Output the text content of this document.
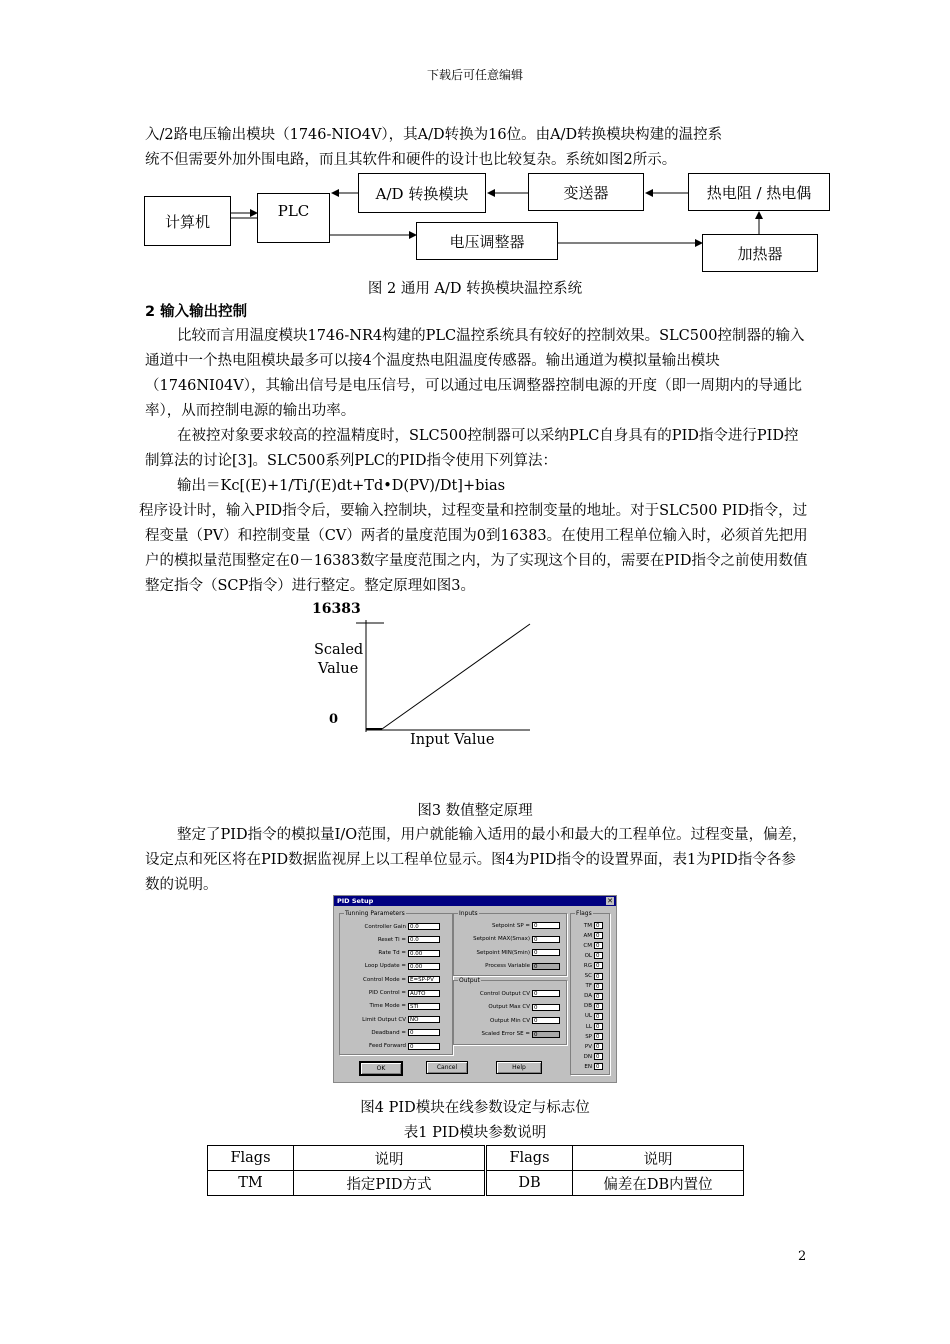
下载后可任意编辑

入/2路电压输出模块（1746-NIO4V），其A/D转换为16位。由A/D转换模块构建的温控系

统不但需要外加外围电路，而且其软件和硬件的设计也比较复杂。系统如图2所示。

计算机
PLC
A/D 转换模块	变送器	热电阻 / 热电偶
电压调整器
加热器
图 2 通用 A/D 转换模块温控系统
2 输入输出控制

比较而言用温度模块1746-NR4构建的PLC温控系统具有较好的控制效果。SLC500控制器的输入通道中一个热电阻模块最多可以接4个温度热电阻温度传感器。输出通道为模拟量输出模块（1746NI04V），其输出信号是电压信号，可以通过电压调整器控制电源的开度（即一周期内的导通比率），从而控制电源的输出功率。

在被控对象要求较高的控温精度时，SLC500控制器可以采纳PLC自身具有的PID指令进行PID控制算法的讨论[3]。SLC500系列PLC的PID指令使用下列算法：

输出＝Kc[(E)+1/Ti∫(E)dt+Td•D(PV)/Dt]+bias

程序设计时，输入PID指令后，要输入控制块，过程变量和控制变量的地址。对于SLC500 PID指令，过程变量（PV）和控制变量（CV）两者的量度范围为0到16383。在使用工程单位输入时，必须首先把用户的模拟量范围整定在0－16383数字量度范围之内，为了实现这个目的，需要在PID指令之前使用数值整定指令（SCP指令）进行整定。整定原理如图3。

16383
Scaled
Value
0
Input Value
图3 数值整定原理

整定了PID指令的模拟量I/O范围，用户就能输入适用的最小和最大的工程单位。过程变量，偏差，设定点和死区将在PID数据监视屏上以工程单位显示。图4为PID指令的设置界面，表1为PID指令各参数的说明。

PID Setup	✕
Tunning Parameters	Inputs
Output
Flags
OK	Cancel	Help
Controller Gain 0.0
Reset Ti = 0.0
Rate Td = 0.00
Loop Update = 0.00
Control Mode = E=SP-PV
PID Control = AUTO
Time Mode = STI
Limit Output CV NO
Deadband = 0
Feed Forward 0
Setpoint SP = 0
Setpoint MAX(Smax) 0
Setpoint MIN(Smin) 0
Process Variable 0
Control Output CV 0
Output Max CV 0
Output Min CV 0
Scaled Error SE = 0
TM 0
AM 0
CM 0
OL 0
RG 0
SC 0
TF 0
DA 0
DB 0
UL 0
LL 0
SP 0
PV 0
DN 0
EN 0
图4 PID模块在线参数设定与标志位
表1 PID模块参数说明
Flags	说明	Flags	说明
TM	指定PID方式	DB	偏差在DB内置位
2
